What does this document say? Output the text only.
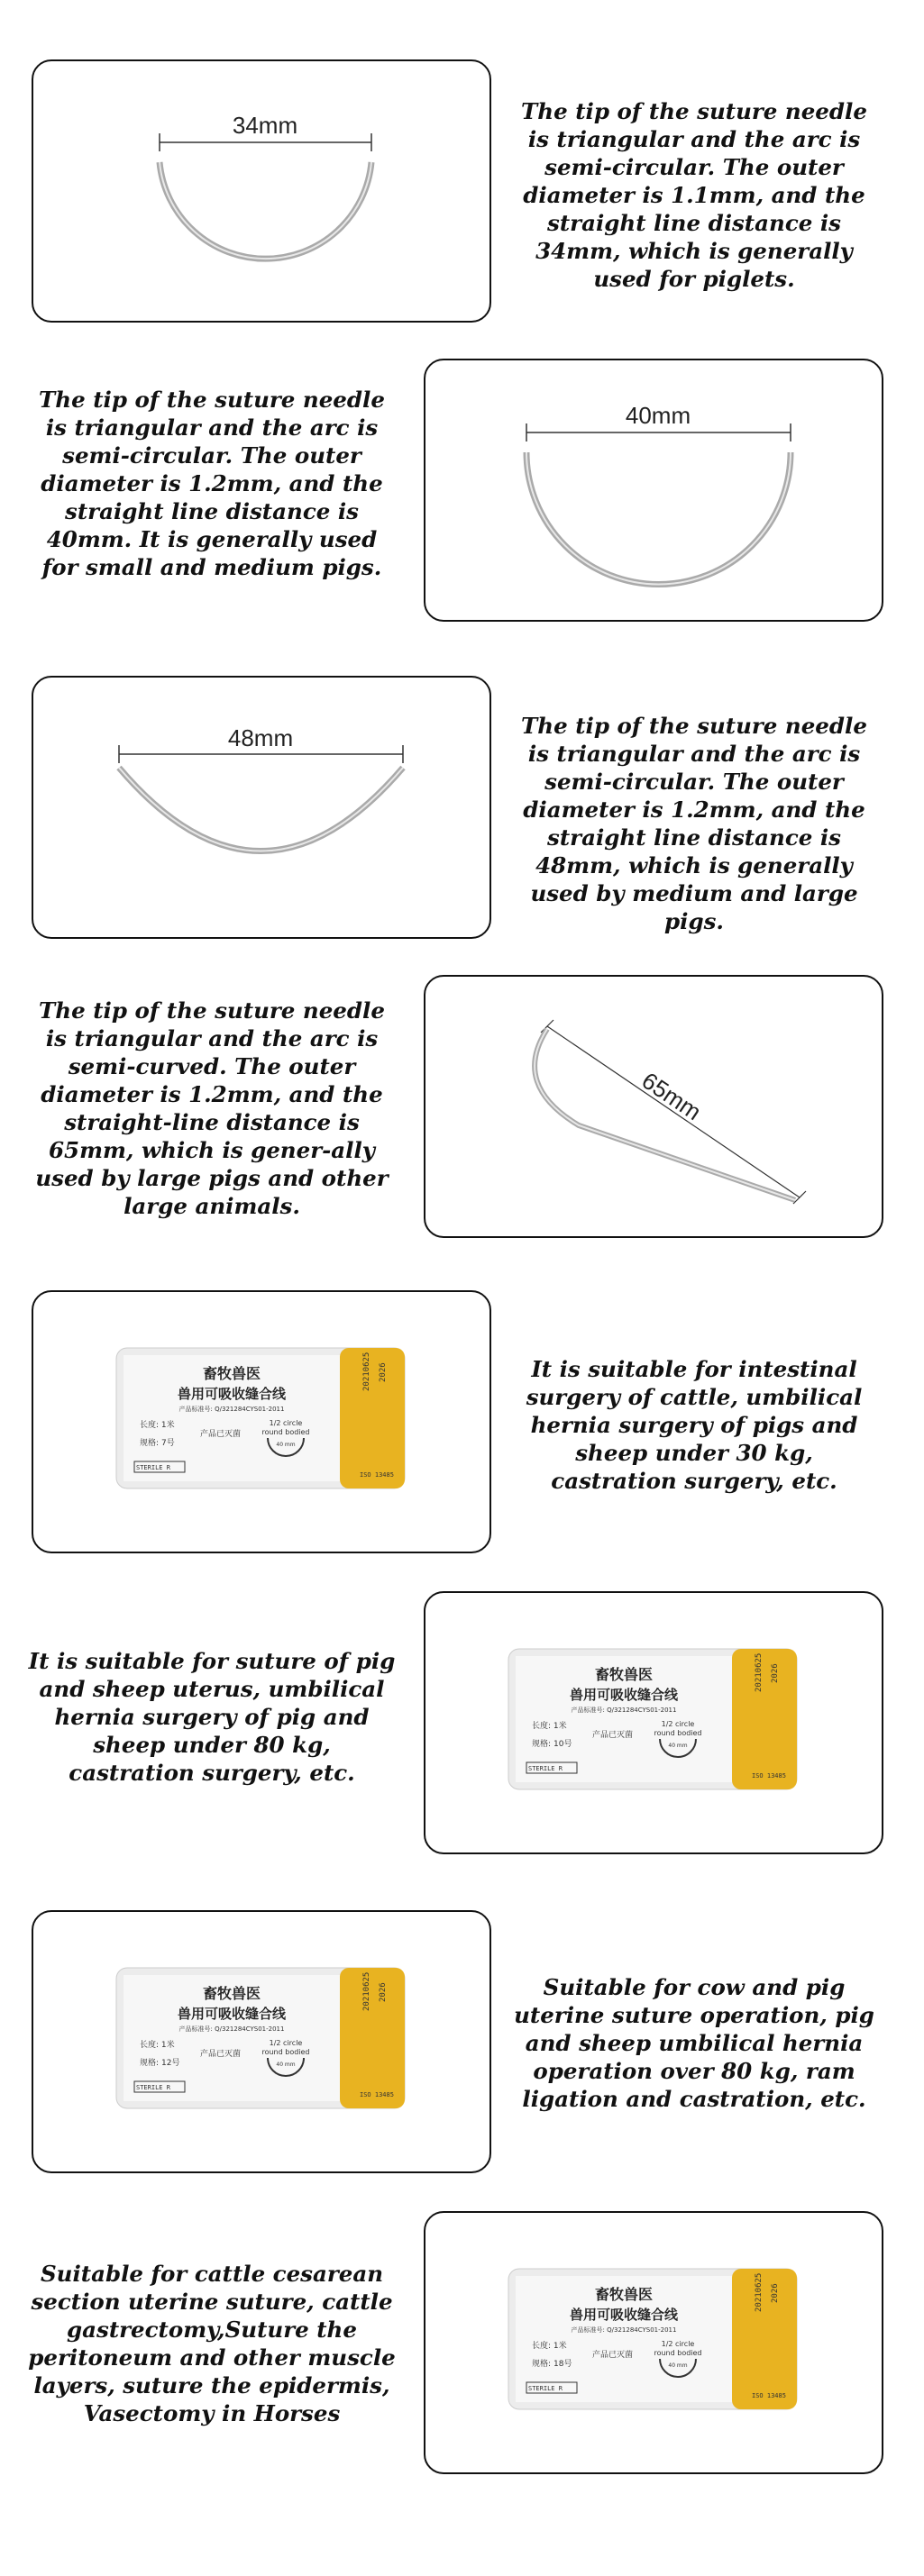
34mm
The tip of the suture needle is triangular and the arc is semi-circular. The outer diameter is 1.1mm, and the straight line distance is 34mm, which is generally used for piglets.
The tip of the suture needle is triangular and the arc is semi-circular. The outer diameter is 1.2mm, and the straight line distance is 40mm. It is generally used for small and medium pigs.
40mm
48mm	The tip of the suture needle is triangular and the arc is semi-circular. The outer diameter is 1.2mm, and the straight line distance is 48mm, which is generally used by medium and large pigs.
The tip of the suture needle is triangular and the arc is semi-curved. The outer diameter is 1.2mm, and the straight-line distance is 65mm, which is gener-ally used by large pigs and other large animals.
65mm
畜牧兽医
兽用可吸收缝合线
产品标准号: Q/321284CYS01-2011
长度: 1米
产品已灭菌
规格: 7号
1/2 circle
round bodied
40 mm
STERILE R
ISO 13485
20210625 2026	It is suitable for intestinal surgery of cattle, umbilical hernia surgery of pigs and sheep under 30 kg, castration surgery, etc.
It is suitable for suture of pig and sheep uterus, umbilical hernia surgery of pig and sheep under 80 kg, castration surgery, etc.
畜牧兽医
兽用可吸收缝合线
产品标准号: Q/321284CYS01-2011
长度: 1米
产品已灭菌
规格: 10号
1/2 circle
round bodied
40 mm
STERILE R
ISO 13485
20210625 2026
畜牧兽医
兽用可吸收缝合线
产品标准号: Q/321284CYS01-2011
长度: 1米
产品已灭菌
规格: 12号
1/2 circle
round bodied
40 mm
STERILE R
ISO 13485
20210625 2026	Suitable for cow and pig uterine suture operation, pig and sheep umbilical hernia operation over 80 kg, ram ligation and castration, etc.
Suitable for cattle cesarean section uterine suture, cattle gastrectomy,Suture the peritoneum and other muscle layers, suture the epidermis, Vasectomy in Horses
畜牧兽医
兽用可吸收缝合线
产品标准号: Q/321284CYS01-2011
长度: 1米
产品已灭菌
规格: 18号
1/2 circle
round bodied
40 mm
STERILE R
ISO 13485
20210625 2026
